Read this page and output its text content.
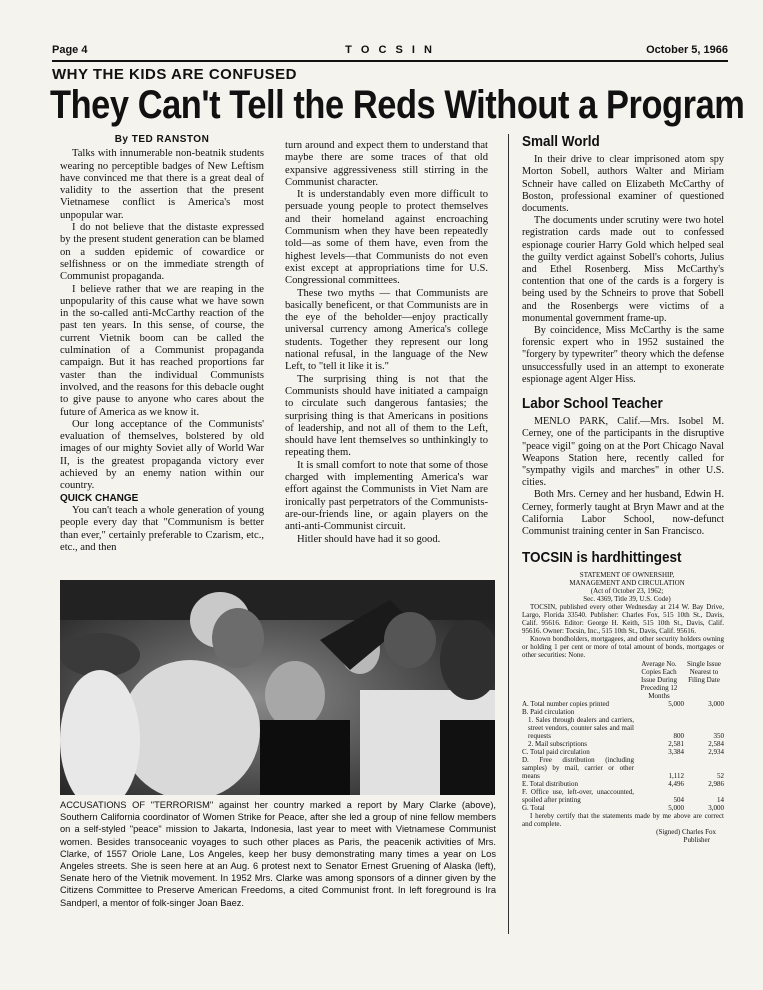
Page 4	T O C S I N	October 5, 1966
WHY THE KIDS ARE CONFUSED
They Can't Tell the Reds Without a Program
By TED RANSTON

Talks with innumerable non-beatnik students wearing no perceptible badges of New Leftism have convinced me that there is a great deal of validity to the assertion that the present Vietnamese conflict is America's most unpopular war.

I do not believe that the distaste expressed by the present student generation can be blamed on a sudden epidemic of cowardice or selfishness or on the immediate strength of Communist propaganda.

I believe rather that we are reaping in the unpopularity of this cause what we have sown in the so-called anti-McCarthy reaction of the past ten years. In this sense, of course, the current Vietnik boom can be called the culmination of a Communist propaganda campaign. But it has reached proportions far vaster than the individual Communists involved, and the reasons for this debacle ought to give pause to anyone who cares about the future of America as we know it.

Our long acceptance of the Communists' evaluation of themselves, bolstered by old images of our mighty Soviet ally of World War II, is the greatest propaganda victory ever achieved by an enemy nation within our country.

QUICK CHANGE

You can't teach a whole generation of young people every day that "Communism is better than ever," certainly preferable to Czarism, etc., etc., and then

turn around and expect them to understand that maybe there are some traces of that old expansive aggressiveness still stirring in the Communist character.

It is understandably even more difficult to persuade young people to protect themselves and their homeland against encroaching Communism when they have been repeatedly told—as some of them have, even from the highest levels—that Communists do not even exist except at appropriations time for U.S. Congressional committees.

These two myths — that Communists are basically beneficent, or that Communists are in the eye of the beholder—enjoy practically universal currency among America's college students. Together they represent our long national refusal, in the language of the New Left, to "tell it like it is."

The surprising thing is not that the Communists should have initiated a campaign to circulate such dangerous fantasies; the surprising thing is that Americans in positions of leadership, and not all of them to the Left, should have lent themselves so unthinkingly to repeating them.

It is small comfort to note that some of those charged with implementing America's war effort against the Communists in Viet Nam are ironically past perpetrators of the Communists-are-our-friends line, or again players on the anti-anti-Communist circuit.

Hitler should have had it so good.

Small World

In their drive to clear imprisoned atom spy Morton Sobell, authors Walter and Miriam Schneir have called on Elizabeth McCarthy of Boston, professional examiner of questioned documents.

The documents under scrutiny were two hotel registration cards made out to confessed espionage courier Harry Gold which helped seal the guilty verdict against Sobell's cohorts, Julius and Ethel Rosenberg. Miss McCarthy's contention that one of the cards is a forgery is being used by the Schneirs to prove that Sobell and the Rosenbergs were victims of a monumental government frame-up.

By coincidence, Miss McCarthy is the same forensic expert who in 1952 sustained the "forgery by typewriter" theory which the defense unsuccessfully used in an attempt to exonerate espionage agent Alger Hiss.

Labor School Teacher

MENLO PARK, Calif.—Mrs. Isobel M. Cerney, one of the participants in the disruptive "peace vigil" going on at the Port Chicago Naval Weapons Station here, recently called for "sympathy vigils and marches" in other U.S. cities.

Both Mrs. Cerney and her husband, Edwin H. Cerney, formerly taught at Bryn Mawr and at the California Labor School, now-defunct Communist training center in San Francisco.

TOCSIN is hardhittingest

STATEMENT OF OWNERSHIP,

MANAGEMENT AND CIRCULATION

(Act of October 23, 1962;

Sec. 4369, Title 39, U.S. Code)

TOCSIN, published every other Wednesday at 214 W. Bay Drive, Largo, Florida 33540. Publisher: Charles Fox, 515 10th St., Davis, Calif. 95616. Editor: George H. Keith, 515 10th St., Davis, Calif. 95616. Owner: Tocsin, Inc., 515 10th St., Davis, Calif. 95616.

Known bondholders, mortgagees, and other security holders owning or holding 1 per cent or more of total amount of bonds, mortgages or other securities: None.

	Average No. Copies Each Issue During Preceding 12 Months	Single Issue Nearest to Filing Date
A. Total number copies printed	5,000	3,000
B. Paid circulation		
1. Sales through dealers and carriers, street vendors, counter sales and mail requests	800	350
2. Mail subscriptions	2,581	2,584
C. Total paid circulation	3,384	2,934
D. Free distribution (including samples) by mail, carrier or other means	1,112	52
E. Total distribution	4,496	2,986
F. Office use, left-over, unaccounted, spoiled after printing	504	14
G. Total	5,000	3,000

I hereby certify that the statements made by me above are correct and complete.

(Signed) Charles Fox

Publisher

ACCUSATIONS OF "TERRORISM" against her country marked a report by Mary Clarke (above), Southern California coordinator of Women Strike for Peace, after she led a group of nine fellow members on a self-styled "peace" mission to Jakarta, Indonesia, last year to meet with Vietnamese Communist women. Besides transoceanic voyages to such other places as Paris, the peacenik activities of Mrs. Clarke, of 1557 Oriole Lane, Los Angeles, keep her busy demonstrating many times a year on Los Angeles streets. She is seen here at an Aug. 6 protest next to Senator Ernest Gruening of Alaska (left), Senate hero of the Vietnik movement. In 1952 Mrs. Clarke was among sponsors of a dinner given by the Citizens Committee to Preserve American Freedoms, a cited Communist front. In left foreground is Ira Sandperl, a mentor of folk-singer Joan Baez.
